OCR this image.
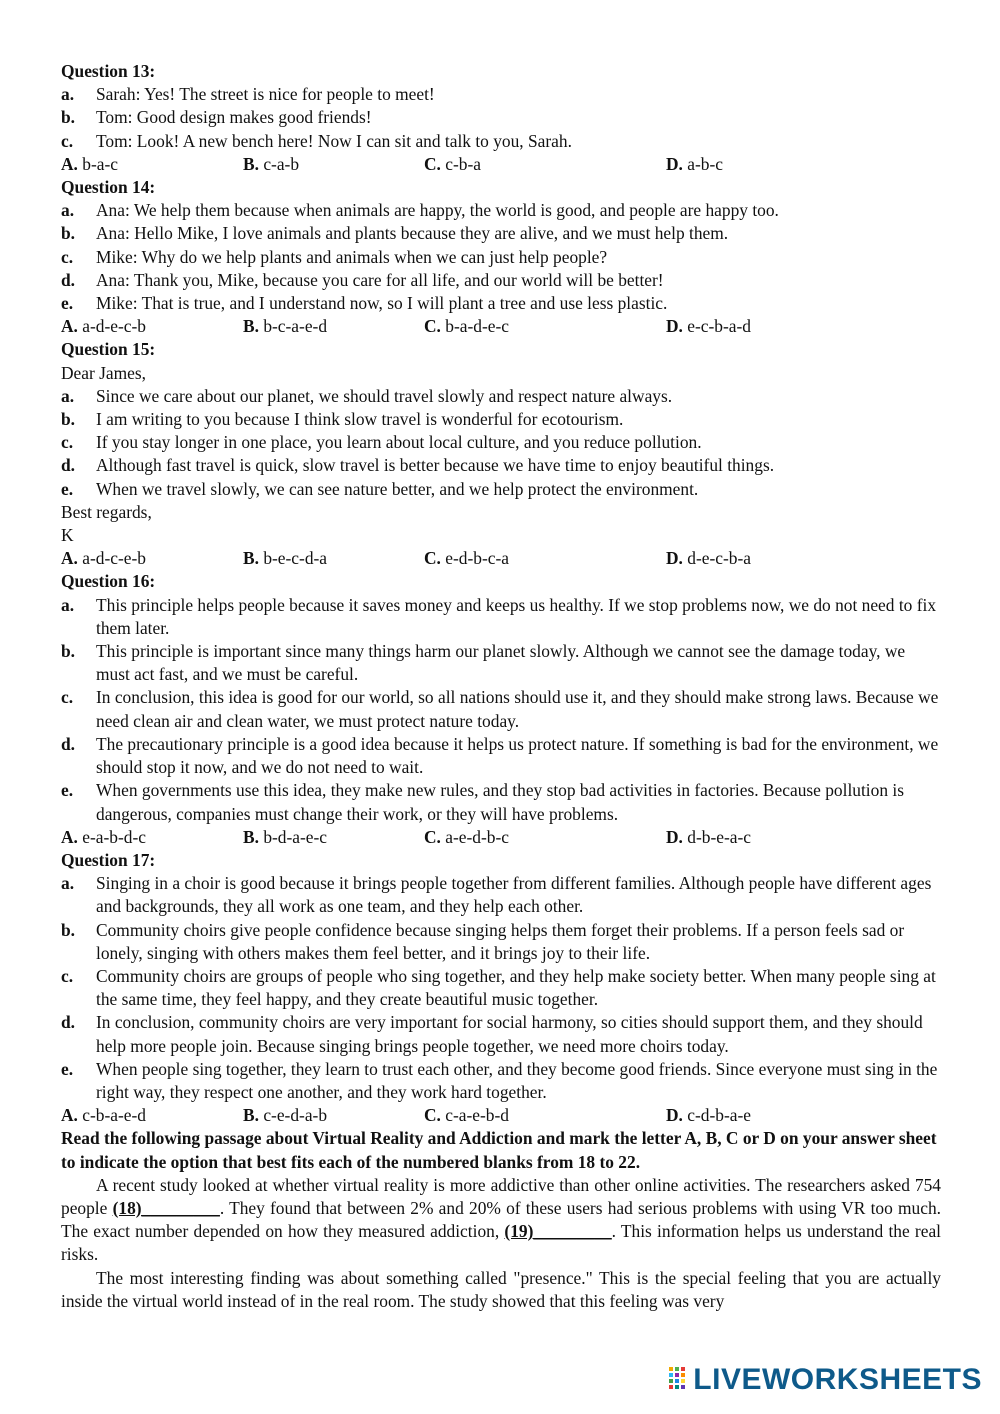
Question 13:
a.	Sarah: Yes! The street is nice for people to meet!
b.	Tom: Good design makes good friends!
c.	Tom: Look! A new bench here! Now I can sit and talk to you, Sarah.
A. b-a-c	B. c-a-b	C. c-b-a	D. a-b-c
Question 14:
a.	Ana: We help them because when animals are happy, the world is good, and people are happy too.
b.	Ana: Hello Mike, I love animals and plants because they are alive, and we must help them.
c.	Mike: Why do we help plants and animals when we can just help people?
d.	Ana: Thank you, Mike, because you care for all life, and our world will be better!
e.	Mike: That is true, and I understand now, so I will plant a tree and use less plastic.
A. a-d-e-c-b	B. b-c-a-e-d	C. b-a-d-e-c	D. e-c-b-a-d
Question 15:
Dear James,
a.	Since we care about our planet, we should travel slowly and respect nature always.
b.	I am writing to you because I think slow travel is wonderful for ecotourism.
c.	If you stay longer in one place, you learn about local culture, and you reduce pollution.
d.	Although fast travel is quick, slow travel is better because we have time to enjoy beautiful things.
e.	When we travel slowly, we can see nature better, and we help protect the environment.
Best regards,
K
A. a-d-c-e-b	B. b-e-c-d-a	C. e-d-b-c-a	D. d-e-c-b-a
Question 16:
a.	This principle helps people because it saves money and keeps us healthy. If we stop problems now, we do not need to fix them later.
b.	This principle is important since many things harm our planet slowly. Although we cannot see the damage today, we must act fast, and we must be careful.
c.	In conclusion, this idea is good for our world, so all nations should use it, and they should make strong laws. Because we need clean air and clean water, we must protect nature today.
d.	The precautionary principle is a good idea because it helps us protect nature. If something is bad for the environment, we should stop it now, and we do not need to wait.
e.	When governments use this idea, they make new rules, and they stop bad activities in factories. Because pollution is dangerous, companies must change their work, or they will have problems.
A. e-a-b-d-c	B. b-d-a-e-c	C. a-e-d-b-c	D. d-b-e-a-c
Question 17:
a.	Singing in a choir is good because it brings people together from different families. Although people have different ages and backgrounds, they all work as one team, and they help each other.
b.	Community choirs give people confidence because singing helps them forget their problems. If a person feels sad or lonely, singing with others makes them feel better, and it brings joy to their life.
c.	Community choirs are groups of people who sing together, and they help make society better. When many people sing at the same time, they feel happy, and they create beautiful music together.
d.	In conclusion, community choirs are very important for social harmony, so cities should support them, and they should help more people join. Because singing brings people together, we need more choirs today.
e.	When people sing together, they learn to trust each other, and they become good friends. Since everyone must sing in the right way, they respect one another, and they work hard together.
A. c-b-a-e-d	B. c-e-d-a-b	C. c-a-e-b-d	D. c-d-b-a-e
Read the following passage about Virtual Reality and Addiction and mark the letter A, B, C or D on your answer sheet to indicate the option that best fits each of the numbered blanks from 18 to 22.
A recent study looked at whether virtual reality is more addictive than other online activities. The researchers asked 754 people (18)_________. They found that between 2% and 20% of these users had serious problems with using VR too much. The exact number depended on how they measured addiction, (19)_________. This information helps us understand the real risks.
The most interesting finding was about something called "presence." This is the special feeling that you are actually inside the virtual world instead of in the real room. The study showed that this feeling was very
LIVEWORKSHEETS
